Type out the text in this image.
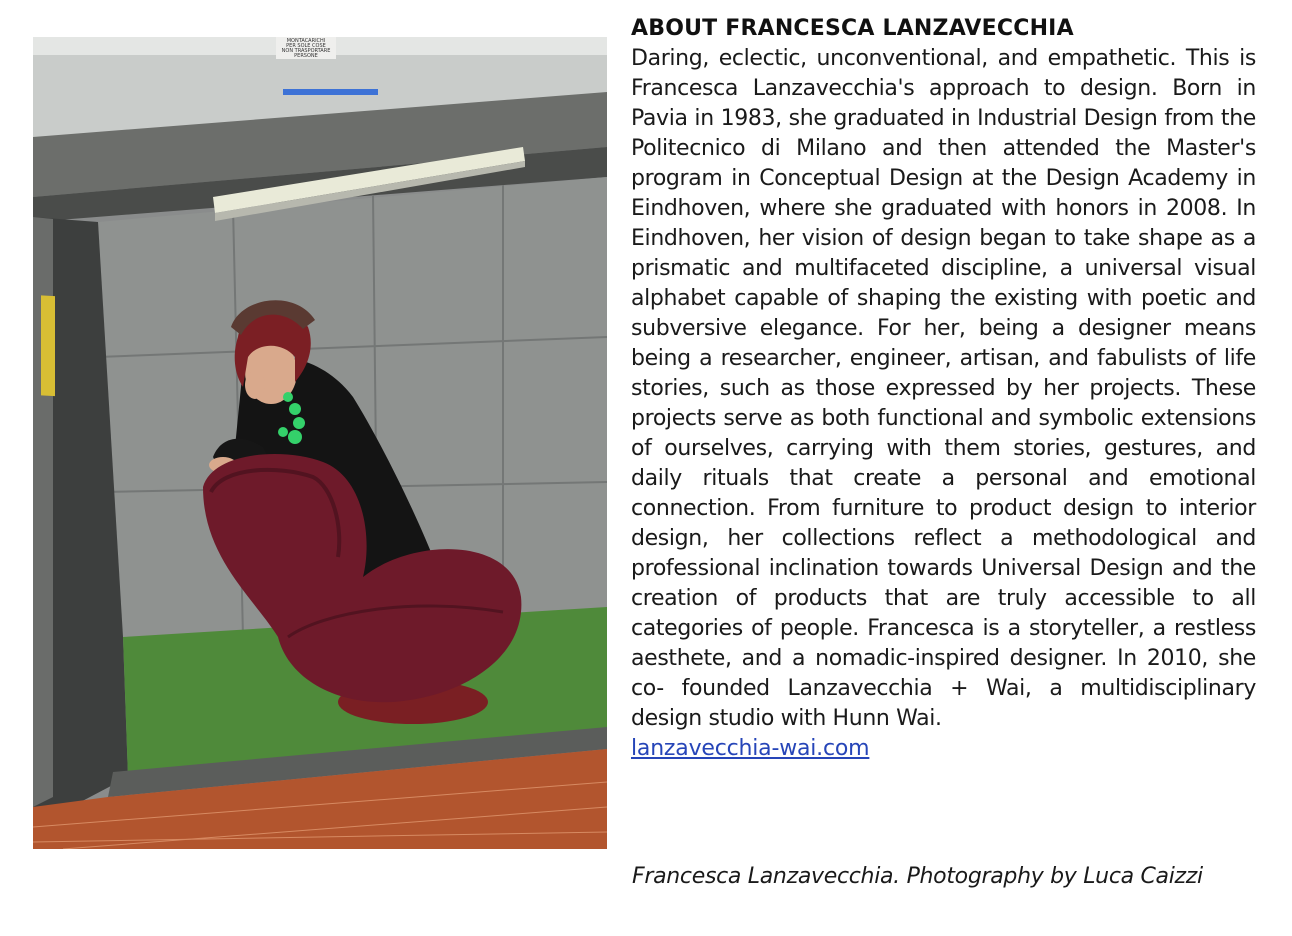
MONTACARICHI
PER SOLE COSE
NON TRASPORTARE
PERSONE
ABOUT FRANCESCA LANZAVECCHIA

Daring, eclectic, unconventional, and empathetic. This is Francesca Lanzavecchia's approach to design. Born in Pavia in 1983, she graduated in Industrial Design from the Politecnico di Milano and then attended the Master's program in Conceptual Design at the Design Academy in Eindhoven, where she graduated with honors in 2008. In Eindhoven, her vision of design began to take shape as a prismatic and multifaceted discipline, a universal visual alphabet capable of shaping the existing with poetic and subversive elegance. For her, being a designer means being a researcher, engineer, artisan, and fabulists of life stories, such as those expressed by her projects. These projects serve as both functional and symbolic extensions of ourselves, carrying with them stories, gestures, and daily rituals that create a personal and emotional connection. From furniture to product design to interior design, her collections reflect a methodological and professional inclination towards Universal Design and the creation of products that are truly accessible to all categories of people. Francesca is a storyteller, a restless aesthete, and a nomadic-inspired designer. In 2010, she co- founded Lanzavecchia + Wai, a multidisciplinary design studio with Hunn Wai.

lanzavecchia-wai.com
Francesca Lanzavecchia. Photography by Luca Caizzi
